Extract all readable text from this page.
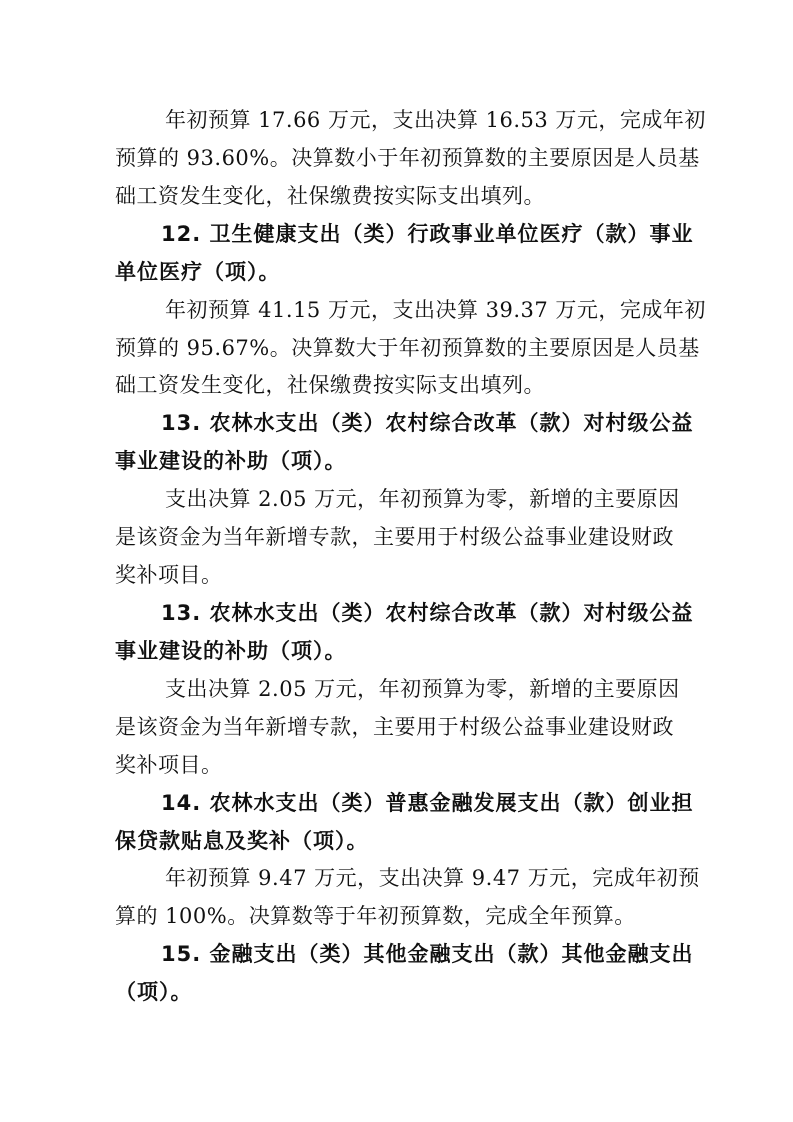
年初预算 17.66 万元，支出决算 16.53 万元，完成年初
预算的 93.60%。决算数小于年初预算数的主要原因是人员基
础工资发生变化，社保缴费按实际支出填列。
12. 卫生健康支出（类）行政事业单位医疗（款）事业
单位医疗（项）。
年初预算 41.15 万元，支出决算 39.37 万元，完成年初
预算的 95.67%。决算数大于年初预算数的主要原因是人员基
础工资发生变化，社保缴费按实际支出填列。
13. 农林水支出（类）农村综合改革（款）对村级公益
事业建设的补助（项）。
支出决算 2.05 万元，年初预算为零，新增的主要原因
是该资金为当年新增专款，主要用于村级公益事业建设财政
奖补项目。
13. 农林水支出（类）农村综合改革（款）对村级公益
事业建设的补助（项）。
支出决算 2.05 万元，年初预算为零，新增的主要原因
是该资金为当年新增专款，主要用于村级公益事业建设财政
奖补项目。
14. 农林水支出（类）普惠金融发展支出（款）创业担
保贷款贴息及奖补（项）。
年初预算 9.47 万元，支出决算 9.47 万元，完成年初预
算的 100%。决算数等于年初预算数，完成全年预算。
15. 金融支出（类）其他金融支出（款）其他金融支出
（项）。
